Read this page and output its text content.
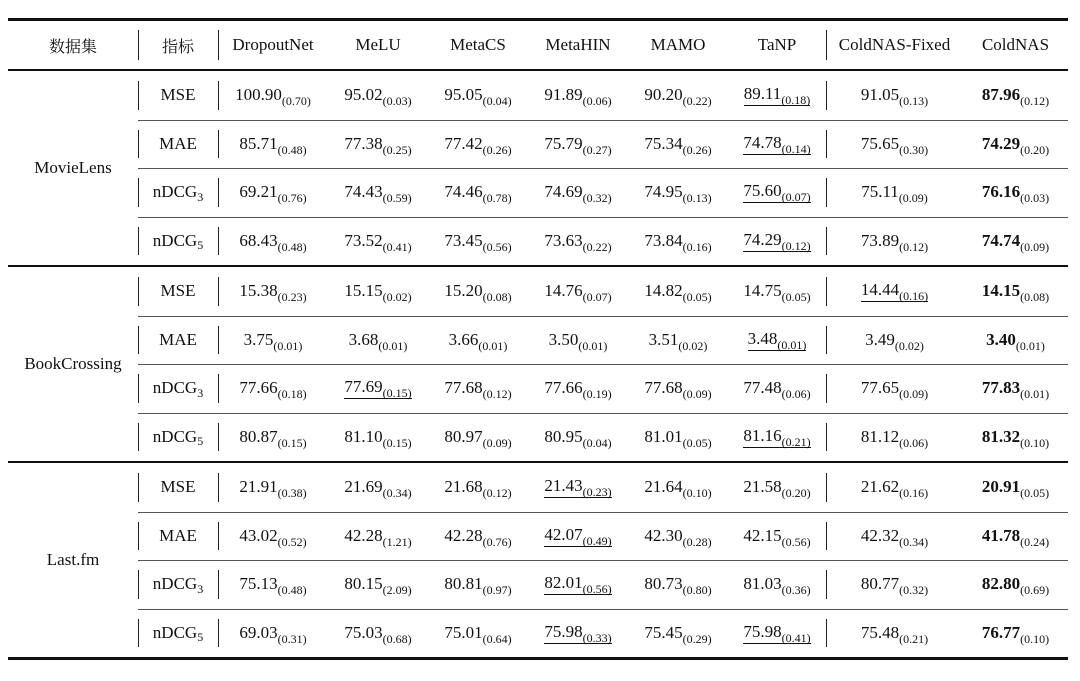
数据集	指标 DropoutNet MeLU	MetaCS MetaHIN MAMO	TaNP	ColdNAS-Fixed ColdNAS
MovieLens
MSE $100.90_{(0.70)}$ $95.02_{(0.03)}$ $95.05_{(0.04)}$ $91.89_{(0.06)}$ $90.20_{(0.22)}$ $89.11_{(0.18)}$	$91.05_{(0.13)}$	$87.96_{(0.12)}$
MAE $85.71_{(0.48)}$ $77.38_{(0.25)}$ $77.42_{(0.26)}$ $75.79_{(0.27)}$ $75.34_{(0.26)}$ $74.78_{(0.14)}$	$75.65_{(0.30)}$	$74.29_{(0.20)}$
nDCG 3 $69.21_{(0.76)}$ $74.43_{(0.59)}$ $74.46_{(0.78)}$ $74.69_{(0.32)}$ $74.95_{(0.13)}$ $75.60_{(0.07)}$	$75.11_{(0.09)}$	$76.16_{(0.03)}$
nDCG 5 $68.43_{(0.48)}$ $73.52_{(0.41)}$ $73.45_{(0.56)}$ $73.63_{(0.22)}$ $73.84_{(0.16)}$ $74.29_{(0.12)}$	$73.89_{(0.12)}$	$74.74_{(0.09)}$
BookCrossing
MSE	$15.38_{(0.23)}$ $15.15_{(0.02)}$ $15.20_{(0.08)}$ $14.76_{(0.07)}$ $14.82_{(0.05)}$ $14.75_{(0.05)}$	$14.44_{(0.16)}$	$14.15_{(0.08)}$
MAE	$3.75_{(0.01)}$	$3.68_{(0.01)}$ $3.66_{(0.01)}$ $3.50_{(0.01)}$ $3.51_{(0.02)}$ $3.48_{(0.01)}$	$3.49_{(0.02)}$	$3.40_{(0.01)}$
nDCG 3 $77.66_{(0.18)}$ $77.69_{(0.15)}$ $77.68_{(0.12)}$ $77.66_{(0.19)}$ $77.68_{(0.09)}$ $77.48_{(0.06)}$	$77.65_{(0.09)}$	$77.83_{(0.01)}$
nDCG 5 $80.87_{(0.15)}$ $81.10_{(0.15)}$ $80.97_{(0.09)}$ $80.95_{(0.04)}$ $81.01_{(0.05)}$ $81.16_{(0.21)}$	$81.12_{(0.06)}$	$81.32_{(0.10)}$
Last.fm
MSE	$21.91_{(0.38)}$ $21.69_{(0.34)}$ $21.68_{(0.12)}$ $21.43_{(0.23)}$ $21.64_{(0.10)}$ $21.58_{(0.20)}$	$21.62_{(0.16)}$	$20.91_{(0.05)}$
MAE $43.02_{(0.52)}$ $42.28_{(1.21)}$ $42.28_{(0.76)}$ $42.07_{(0.49)}$ $42.30_{(0.28)}$ $42.15_{(0.56)}$	$42.32_{(0.34)}$	$41.78_{(0.24)}$
nDCG 3 $75.13_{(0.48)}$ $80.15_{(2.09)}$ $80.81_{(0.97)}$ $82.01_{(0.56)}$ $80.73_{(0.80)}$ $81.03_{(0.36)}$	$80.77_{(0.32)}$	$82.80_{(0.69)}$
nDCG 5 $69.03_{(0.31)}$ $75.03_{(0.68)}$ $75.01_{(0.64)}$ $75.98_{(0.33)}$ $75.45_{(0.29)}$ $75.98_{(0.41)}$	$75.48_{(0.21)}$	$76.77_{(0.10)}$
